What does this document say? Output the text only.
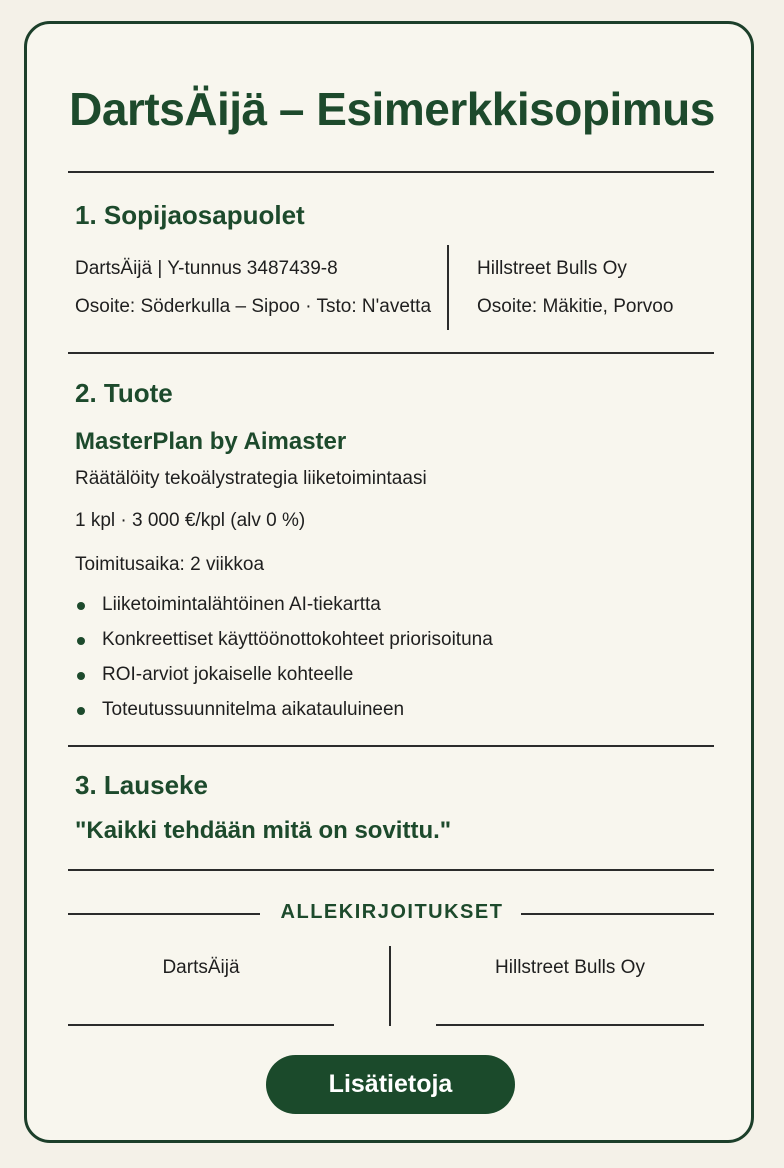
DartsÄijä – Esimerkkisopimus
1. Sopijaosapuolet
DartsÄijä | Y-tunnus 3487439-8
Osoite: Söderkulla – Sipoo · Tsto: N'avetta
Hillstreet Bulls Oy
Osoite: Mäkitie, Porvoo
2. Tuote
MasterPlan by Aimaster
Räätälöity tekoälystrategia liiketoimintaasi
1 kpl · 3 000 €/kpl (alv 0 %)
Toimitusaika: 2 viikkoa
Liiketoimintalähtöinen AI-tiekartta
Konkreettiset käyttöönottokohteet priorisoituna
ROI-arviot jokaiselle kohteelle
Toteutussuunnitelma aikatauluineen
3. Lauseke
"Kaikki tehdään mitä on sovittu."
ALLEKIRJOITUKSET
DartsÄijä	Hillstreet Bulls Oy
Lisätietoja
